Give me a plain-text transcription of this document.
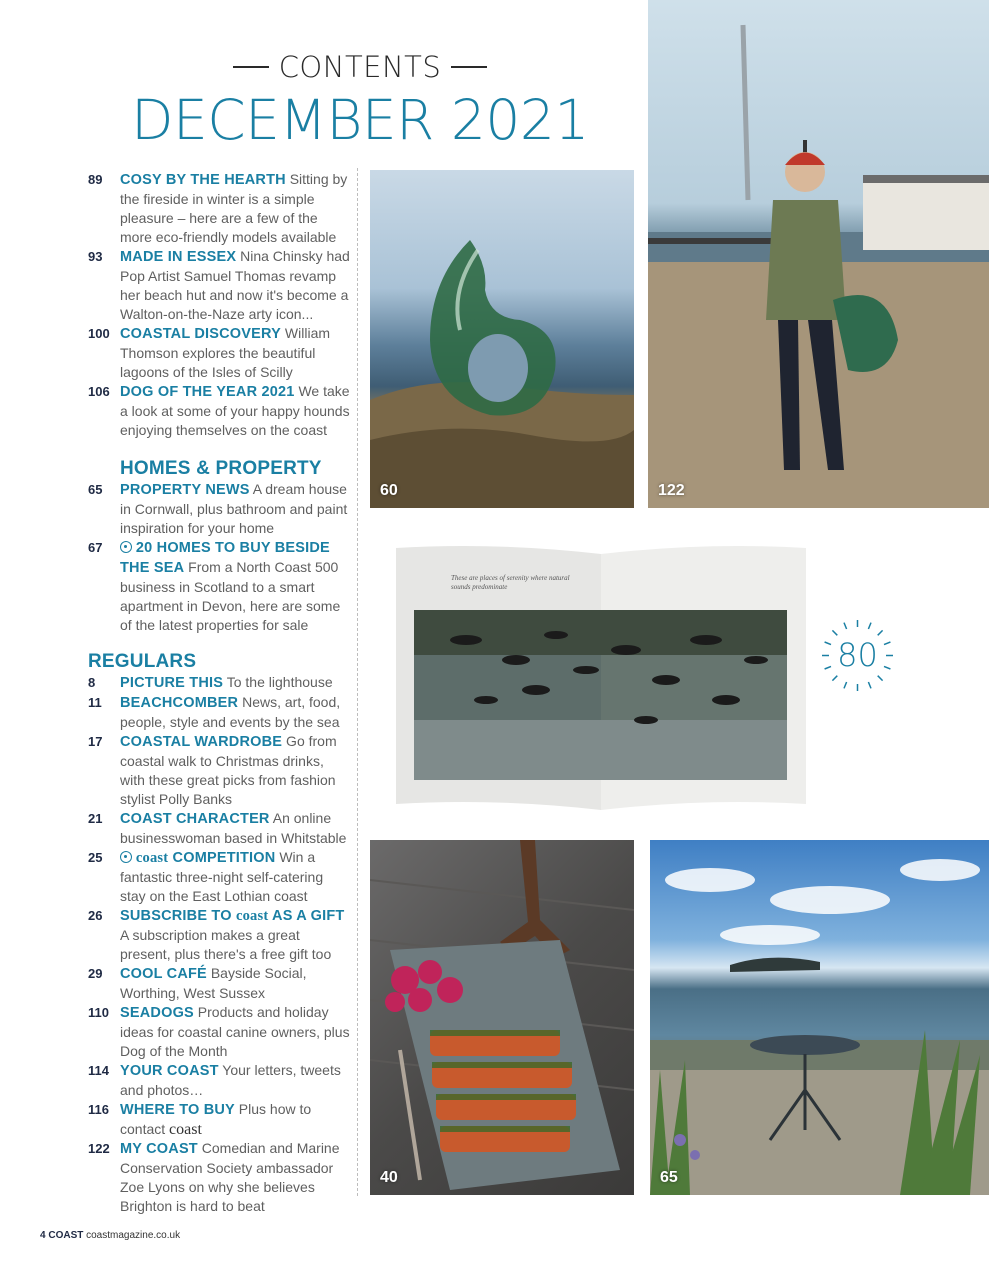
CONTENTS
DECEMBER 2021
89	COSY BY THE HEARTH Sitting by the fireside in winter is a simple pleasure – here are a few of the more eco-friendly models available
93	MADE IN ESSEX Nina Chinsky had Pop Artist Samuel Thomas revamp her beach hut and now it's become a Walton-on-the-Naze arty icon...
100 COASTAL DISCOVERY William Thomson explores the beautiful lagoons of the Isles of Scilly
106 DOG OF THE YEAR 2021 We take a look at some of your happy hounds enjoying themselves on the coast
HOMES & PROPERTY
65	PROPERTY NEWS A dream house in Cornwall, plus bathroom and paint inspiration for your home
67	20 HOMES TO BUY BESIDE THE SEA From a North Coast 500 business in Scotland to a smart apartment in Devon, here are some of the latest properties for sale
REGULARS
8	PICTURE THIS To the lighthouse
11	BEACHCOMBER News, art, food, people, style and events by the sea
17	COASTAL WARDROBE Go from coastal walk to Christmas drinks, with these great picks from fashion stylist Polly Banks
21	COAST CHARACTER An online businesswoman based in Whitstable
25	coast COMPETITION Win a fantastic three-night self-catering stay on the East Lothian coast
26	SUBSCRIBE TO coast AS A GIFT A subscription makes a great present, plus there's a free gift too
29	COOL CAFÉ Bayside Social, Worthing, West Sussex
110 SEADOGS Products and holiday ideas for coastal canine owners, plus Dog of the Month
114 YOUR COAST Your letters, tweets and photos…
116 WHERE TO BUY Plus how to contact coast
122 MY COAST Comedian and Marine Conservation Society ambassador Zoe Lyons on why she believes Brighton is hard to beat
60	122
These are places of serenity where natural sounds predominate
80
40	65
4 COAST coastmagazine.co.uk
